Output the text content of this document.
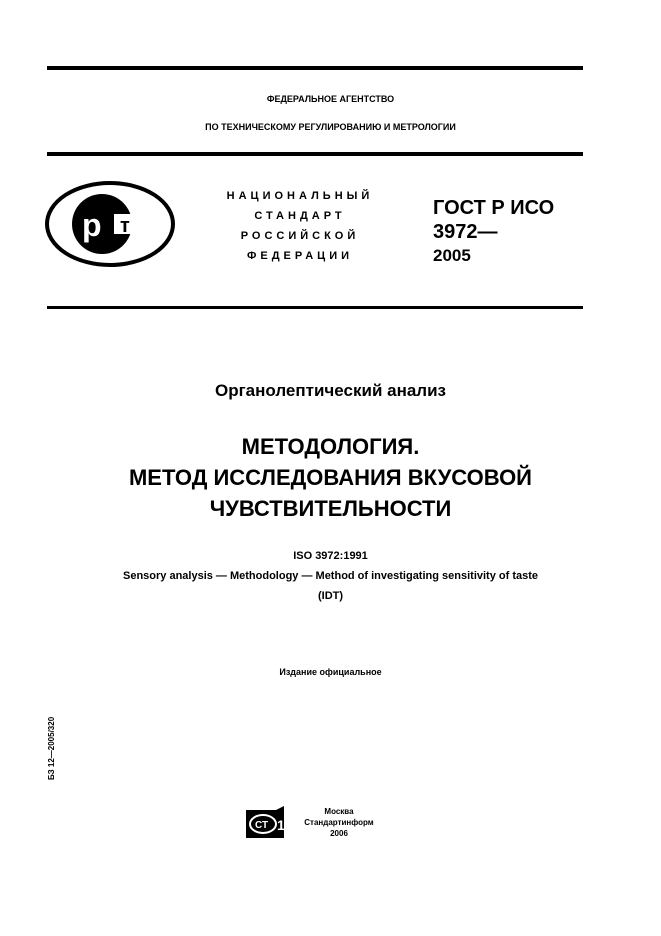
ФЕДЕРАЛЬНОЕ АГЕНТСТВО
ПО ТЕХНИЧЕСКОМУ РЕГУЛИРОВАНИЮ И МЕТРОЛОГИИ
р т
НАЦИОНАЛЬНЫЙ
СТАНДАРТ
РОССИЙСКОЙ
ФЕДЕРАЦИИ
ГОСТ Р ИСО
3972—
2005
Органолептический анализ
МЕТОДОЛОГИЯ.
МЕТОД ИССЛЕДОВАНИЯ ВКУСОВОЙ
ЧУВСТВИТЕЛЬНОСТИ
ISO 3972:1991
Sensory analysis — Methodology — Method of investigating sensitivity of taste
(IDT)
Издание официальное
БЗ 12—2005/320
СТ 1
Москва
Стандартинформ
2006
